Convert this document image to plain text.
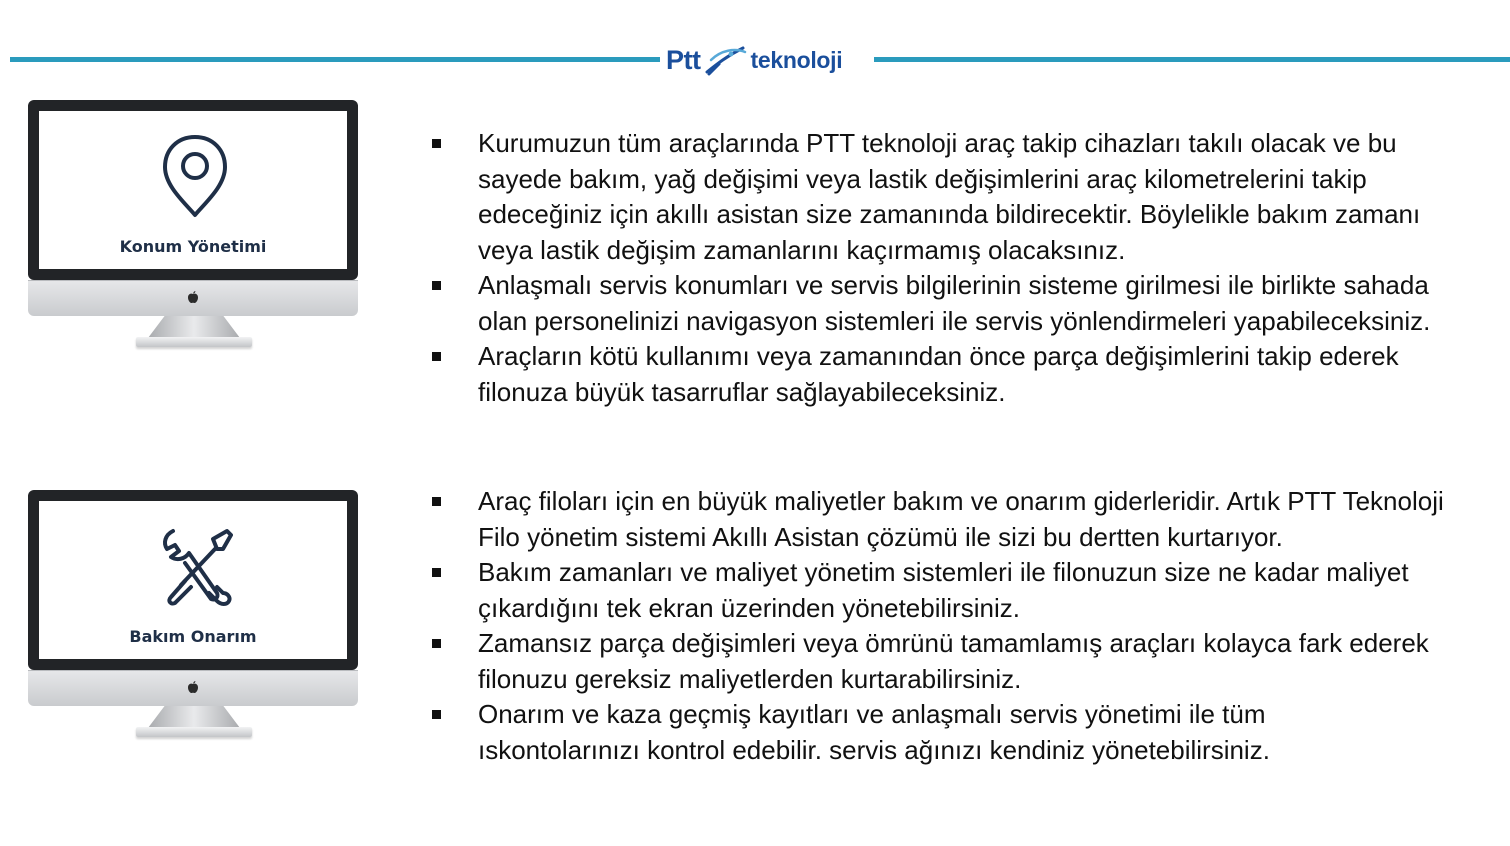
Ptt teknoloji
Konum Yönetimi
Kurumuzun tüm araçlarında PTT teknoloji araç takip cihazları takılı olacak ve bu sayede bakım, yağ değişimi veya lastik değişimlerini araç kilometrelerini takip edeceğiniz için akıllı asistan size zamanında bildirecektir. Böylelikle bakım zamanı veya lastik değişim zamanlarını kaçırmamış olacaksınız.
Anlaşmalı servis konumları ve servis bilgilerinin sisteme girilmesi ile birlikte sahada olan personelinizi navigasyon sistemleri ile servis yönlendirmeleri yapabileceksiniz.
Araçların kötü kullanımı veya zamanından önce parça değişimlerini takip ederek filonuza büyük tasarruflar sağlayabileceksiniz.
Bakım Onarım
Araç filoları için en büyük maliyetler bakım ve onarım giderleridir. Artık PTT Teknoloji Filo yönetim sistemi Akıllı Asistan çözümü ile sizi bu dertten kurtarıyor.
Bakım zamanları ve maliyet yönetim sistemleri ile filonuzun size ne kadar maliyet çıkardığını tek ekran üzerinden yönetebilirsiniz.
Zamansız parça değişimleri veya ömrünü tamamlamış araçları kolayca fark ederek filonuzu gereksiz maliyetlerden kurtarabilirsiniz.
Onarım ve kaza geçmiş kayıtları ve anlaşmalı servis yönetimi ile tüm ıskontolarınızı kontrol edebilir. servis ağınızı kendiniz yönetebilirsiniz.
